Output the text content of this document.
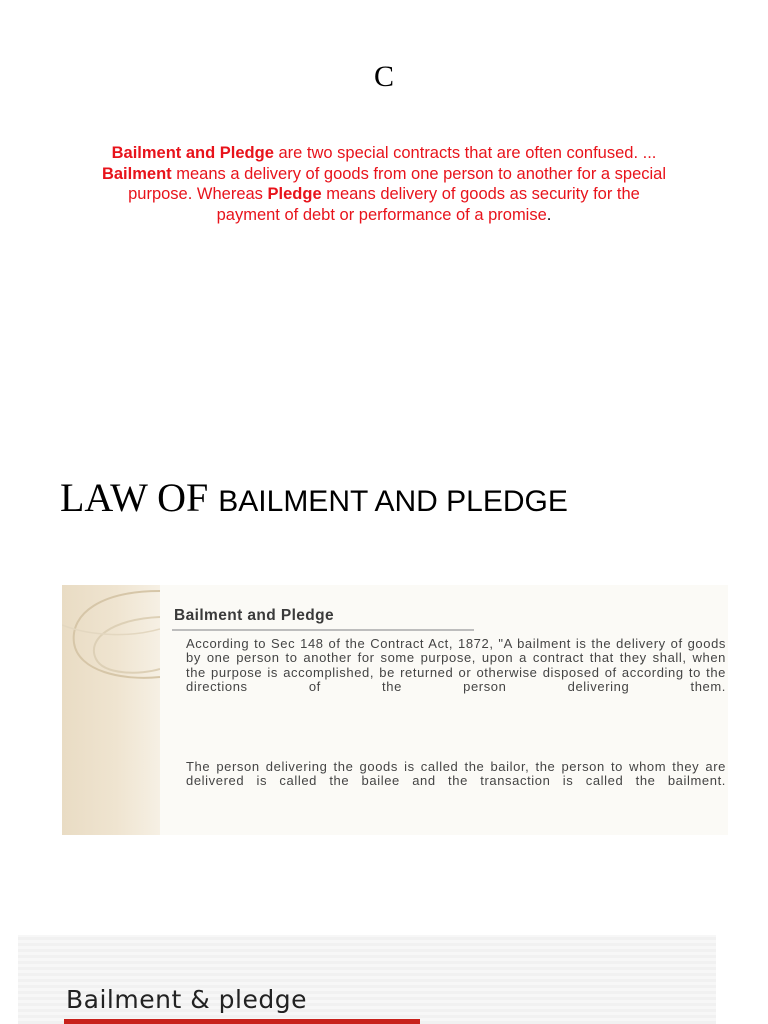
C
Bailment and Pledge are two special contracts that are often confused. ... Bailment means a delivery of goods from one person to another for a special purpose. Whereas Pledge means delivery of goods as security for the payment of debt or performance of a promise.
LAW OF BAILMENT AND PLEDGE
Bailment and Pledge
According to Sec 148 of the Contract Act, 1872, "A bailment is the delivery of goods by one person to another for some purpose, upon a contract that they shall, when the purpose is accomplished, be returned or otherwise disposed of according to the directions of the person delivering them.
The person delivering the goods is called the bailor, the person to whom they are delivered is called the bailee and the transaction is called the bailment.
Bailment & pledge
